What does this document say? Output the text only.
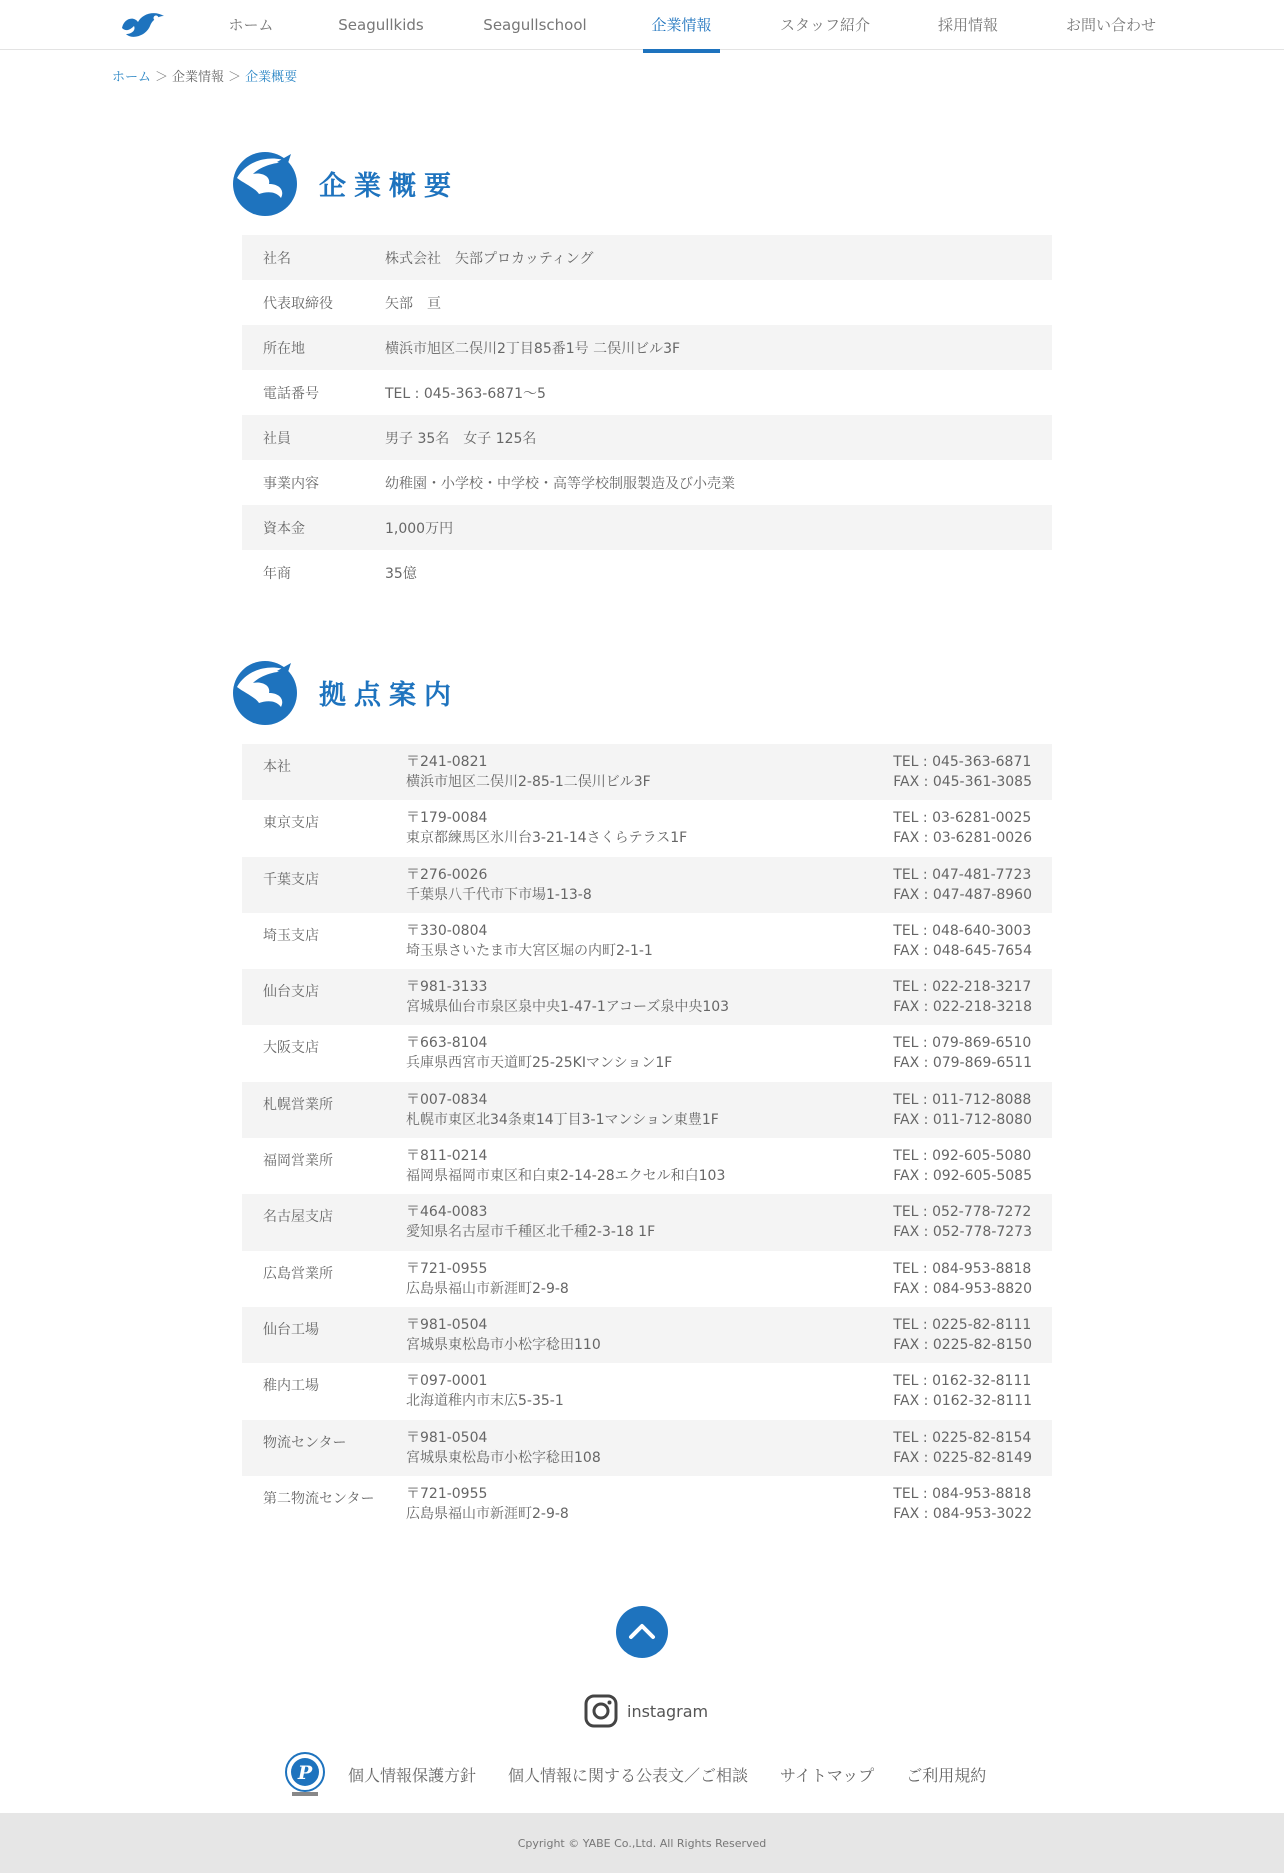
ホーム	Seagullkids	Seagullschool	企業情報	スタッフ紹介	採用情報	お問い合わせ
ホーム ＞ 企業情報 ＞ 企業概要
企業概要
社名	株式会社　矢部プロカッティング
代表取締役	矢部　亘
所在地	横浜市旭区二俣川2丁目85番1号 二俣川ビル3F
電話番号	TEL : 045-363-6871〜5
社員	男子 35名　女子 125名
事業内容	幼稚園・小学校・中学校・高等学校制服製造及び小売業
資本金	1,000万円
年商	35億
拠点案内
本社	〒241-0821
横浜市旭区二俣川2-85-1二俣川ビル3F
TEL : 045-363-6871
FAX : 045-361-3085
東京支店	〒179-0084
東京都練馬区氷川台3-21-14さくらテラス1F
TEL : 03-6281-0025
FAX : 03-6281-0026
千葉支店	〒276-0026
千葉県八千代市下市場1-13-8
TEL : 047-481-7723
FAX : 047-487-8960
埼玉支店	〒330-0804
埼玉県さいたま市大宮区堀の内町2-1-1
TEL : 048-640-3003
FAX : 048-645-7654
仙台支店	〒981-3133
宮城県仙台市泉区泉中央1-47-1アコーズ泉中央103
TEL : 022-218-3217
FAX : 022-218-3218
大阪支店	〒663-8104
兵庫県西宮市天道町25-25KIマンション1F
TEL : 079-869-6510
FAX : 079-869-6511
札幌営業所	〒007-0834
札幌市東区北34条東14丁目3-1マンション東豊1F
TEL : 011-712-8088
FAX : 011-712-8080
福岡営業所	〒811-0214
福岡県福岡市東区和白東2-14-28エクセル和白103
TEL : 092-605-5080
FAX : 092-605-5085
名古屋支店	〒464-0083
愛知県名古屋市千種区北千種2-3-18 1F
TEL : 052-778-7272
FAX : 052-778-7273
広島営業所	〒721-0955
広島県福山市新涯町2-9-8
TEL : 084-953-8818
FAX : 084-953-8820
仙台工場	〒981-0504
宮城県東松島市小松字稔田110
TEL : 0225-82-8111
FAX : 0225-82-8150
稚内工場	〒097-0001
北海道稚内市末広5-35-1
TEL : 0162-32-8111
FAX : 0162-32-8111
物流センター	〒981-0504
宮城県東松島市小松字稔田108
TEL : 0225-82-8154
FAX : 0225-82-8149
第二物流センター 〒721-0955
広島県福山市新涯町2-9-8
TEL : 084-953-8818
FAX : 084-953-3022
instagram
P 個人情報保護方針 個人情報に関する公表文／ご相談 サイトマップ ご利用規約
Cpyright © YABE Co.,Ltd. All Rights Reserved
